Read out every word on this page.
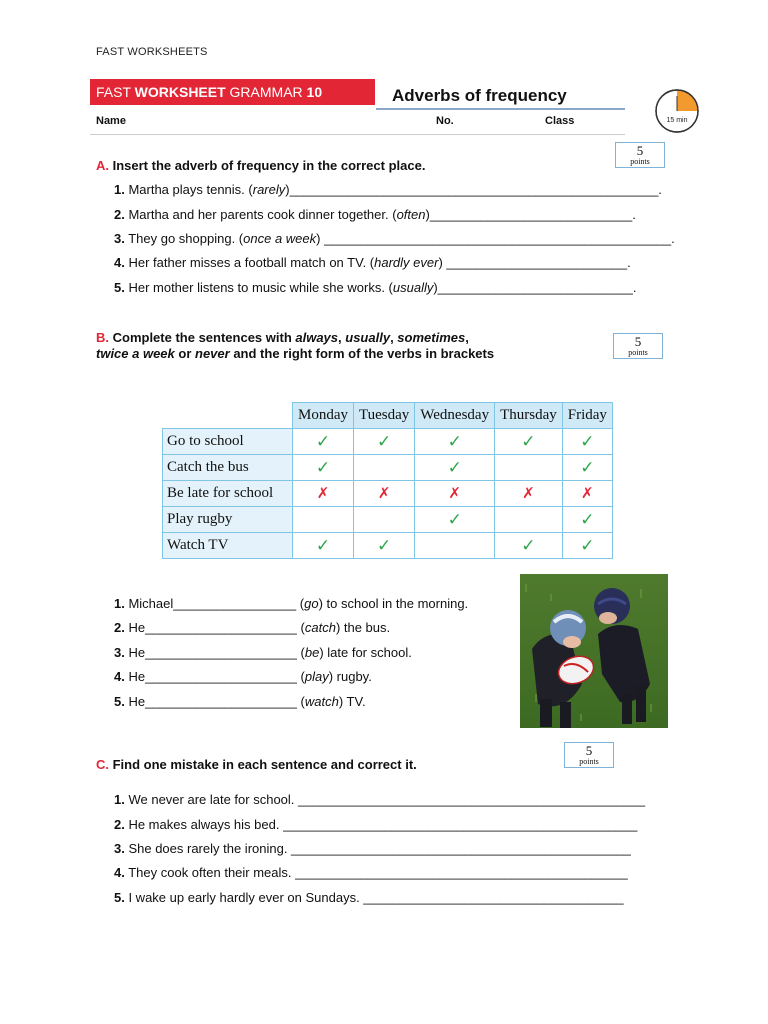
FAST WORKSHEETS
FAST WORKSHEET GRAMMAR 10	Adverbs of frequency
Name	No.	Class	15 min
5
points
A. Insert the adverb of frequency in the correct place.
1. Martha plays tennis. (rarely)___________________________________________________.
2. Martha and her parents cook dinner together. (often)____________________________.
3. They go shopping. (once a week) ________________________________________________.
4. Her father misses a football match on TV. (hardly ever) _________________________.
5. Her mother listens to music while she works. (usually)___________________________.
5
points
B. Complete the sentences with always, usually, sometimes,
twice a week or never and the right form of the verbs in brackets
	Monday	Tuesday	Wednesday	Thursday	Friday
Go to school	✓	✓	✓	✓	✓
Catch the bus	✓		✓		✓
Be late for school	✗	✗	✗	✗	✗
Play rugby			✓		✓
Watch TV	✓	✓		✓	✓
1. Michael_________________ (go) to school in the morning.
2. He_____________________ (catch) the bus.
3. He_____________________ (be) late for school.
4. He_____________________ (play) rugby.
5. He_____________________ (watch) TV.
5
points
C. Find one mistake in each sentence and correct it.
1. We never are late for school. ________________________________________________
2. He makes always his bed. _________________________________________________
3. She does rarely the ironing. _______________________________________________
4. They cook often their meals. ______________________________________________
5. I wake up early hardly ever on Sundays. ____________________________________
